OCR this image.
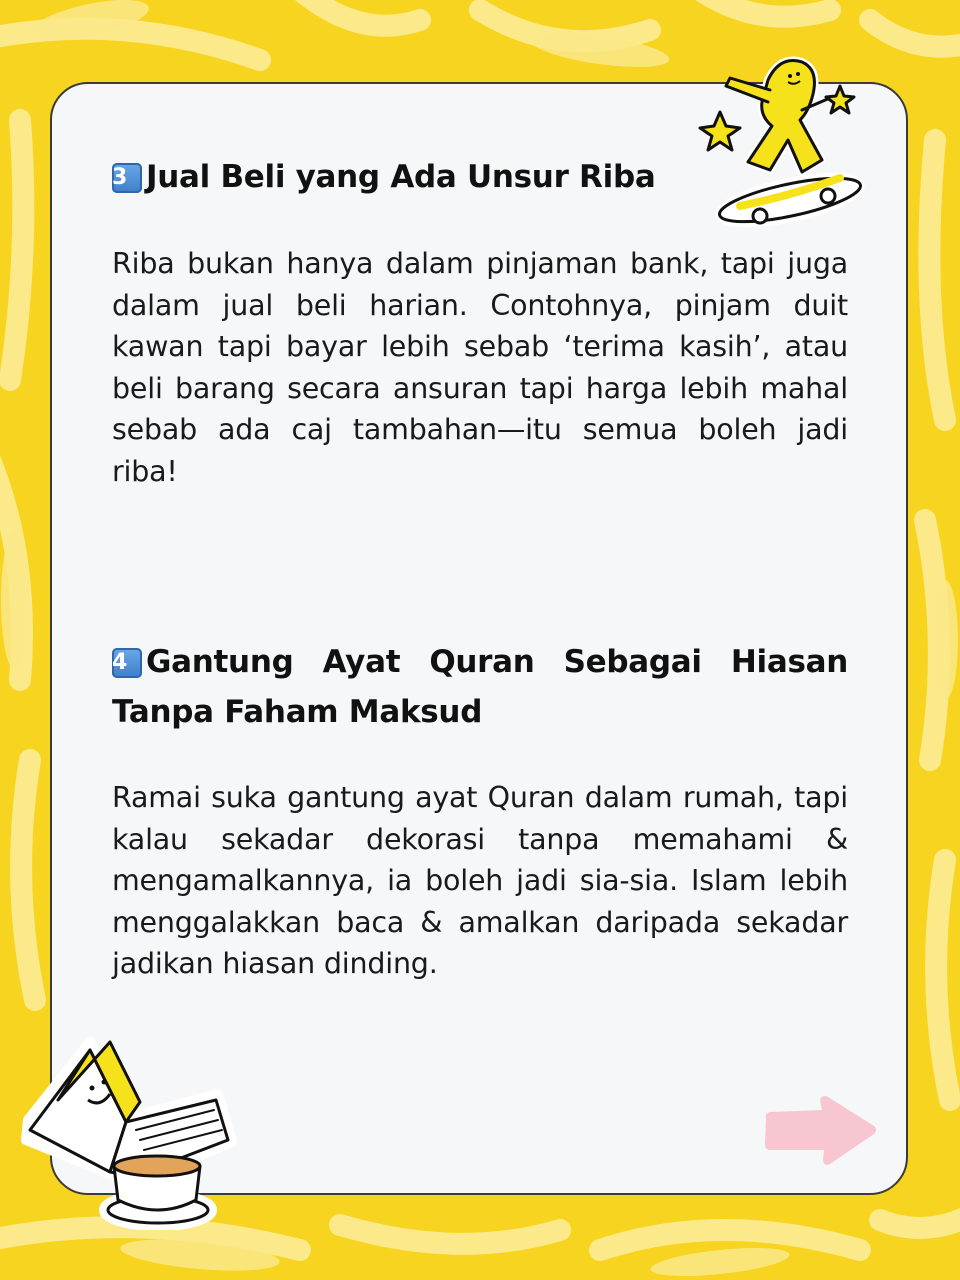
3 Jual Beli yang Ada Unsur Riba

Riba bukan hanya dalam pinjaman bank, tapi juga dalam jual beli harian. Contohnya, pinjam duit kawan tapi bayar lebih sebab ‘terima kasih’, atau beli barang secara ansuran tapi harga lebih mahal sebab ada caj tambahan—itu semua boleh jadi riba!

4 Gantung Ayat Quran Sebagai Hiasan Tanpa Faham Maksud

Ramai suka gantung ayat Quran dalam rumah, tapi kalau sekadar dekorasi tanpa memahami & mengamalkannya, ia boleh jadi sia-sia. Islam lebih menggalakkan baca & amalkan daripada sekadar jadikan hiasan dinding.
